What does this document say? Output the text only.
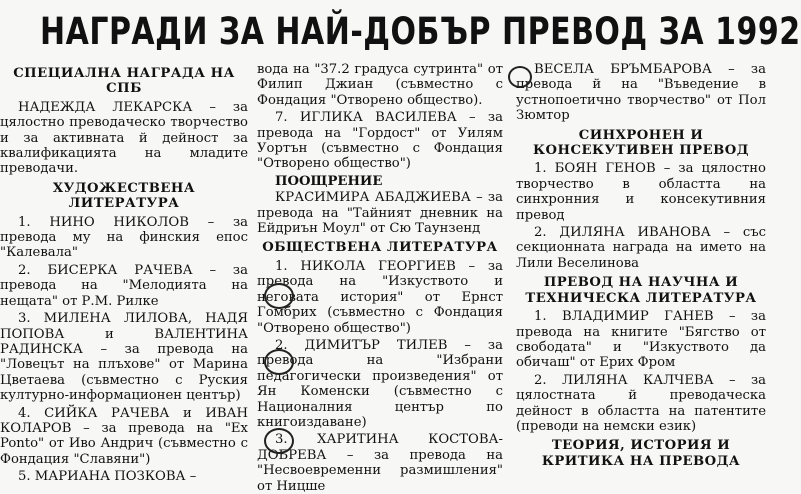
НАГРАДИ ЗА НАЙ-ДОБЪР ПРЕВОД ЗА 1992
СПЕЦИАЛНА НАГРАДА НА СПБ
НАДЕЖДА ЛЕКАРСКА – за цялостно преводаческо творчество и за активната й дейност за квалификацията на младите преводачи.
ХУДОЖЕСТВЕНА ЛИТЕРАТУРА
1. НИНО НИКОЛОВ – за превода му на финския епос "Калевала"
2. БИСЕРКА РАЧЕВА – за превода на "Мелодията на нещата" от Р.М. Рилке
3. МИЛЕНА ЛИЛОВА, НАДЯ ПОПОВА и ВАЛЕНТИНА РАДИНСКА – за превода на "Ловецът на плъхове" от Марина Цветаева (съвместно с Руския културно-информационен център)
4. СИЙКА РАЧЕВА и ИВАН КОЛАРОВ – за превода на "Ех Ponto" от Иво Андрич (съвместно с Фондация "Славяни")
5. МАРИАНА ПОЗКОВА –
вода на "37.2 градуса сутринта" от Филип Джиан (съвместно с Фондация "Отворено общество).
7. ИГЛИКА ВАСИЛЕВА – за превода на "Гордост" от Уилям Уортън (съвместно с Фондация "Отворено общество")
ПООЩРЕНИЕ
КРАСИМИРА АБАДЖИЕВА – за превода на "Тайният дневник на Ейдриън Моул" от Сю Таунзенд
ОБЩЕСТВЕНА ЛИТЕРАТУРА
1. НИКОЛА ГЕОРГИЕВ – за превода на "Изкуството и неговата история" от Ернст Гомбрих (съвместно с Фондация "Отворено общество")
2. ДИМИТЪР ТИЛЕВ – за превода на "Избрани педагогически произведения" от Ян Коменски (съвместно с Националния център по книгоиздаване)
3. ХАРИТИНА КОСТОВА-ДОБРЕВА – за превода на "Несвоевременни размишления" от Ницше
ВЕСЕЛА БРЪМБАРОВА – за превода й на "Въведение в устнопоетично творчество" от Пол Зюмтор
СИНХРОНЕН И КОНСЕКУТИВЕН ПРЕВОД
1. БОЯН ГЕНОВ – за цялостно творчество в областта на синхронния и консекутивния превод
2. ДИЛЯНА ИВАНОВА – със секционната награда на името на Лили Веселинова
ПРЕВОД НА НАУЧНА И ТЕХНИЧЕСКА ЛИТЕРАТУРА
1. ВЛАДИМИР ГАНЕВ – за превода на книгите "Бягство от свободата" и "Изкуството да обичаш" от Ерих Фром
2. ЛИЛЯНА КАЛЧЕВА – за цялостната й преводаческа дейност в областта на патентите (преводи на немски език)
ТЕОРИЯ, ИСТОРИЯ И КРИТИКА НА ПРЕВОДА
